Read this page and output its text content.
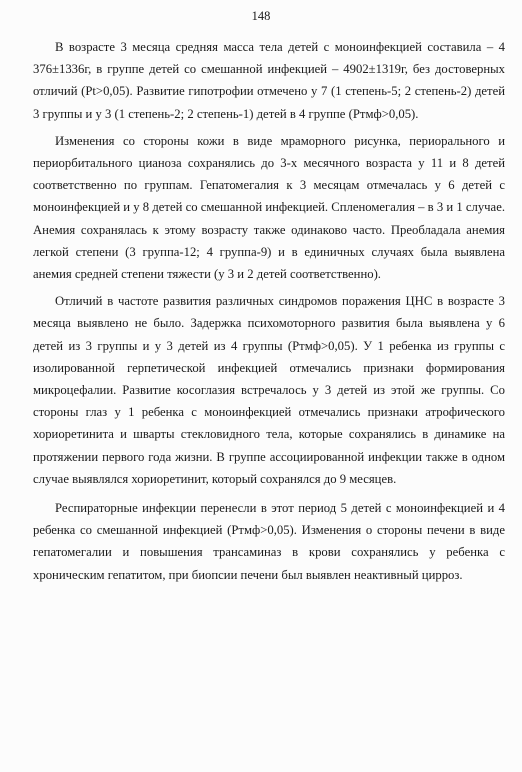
148

В возрасте 3 месяца средняя масса тела детей с моноинфекцией составила – 4 376±1336г, в группе детей со смешанной инфекцией – 4902±1319г, без достоверных отличий (Pt>0,05). Развитие гипотрофии отмечено у 7 (1 степень-5; 2 степень-2) детей 3 группы и у 3 (1 степень-2; 2 степень-1) детей в 4 группе (Ртмф>0,05).

Изменения со стороны кожи в виде мраморного рисунка, периорального и периорбитального цианоза сохранялись до 3-х месячного возраста у 11 и 8 детей соответственно по группам. Гепатомегалия к 3 месяцам отмечалась у 6 детей с моноинфекцией и у 8 детей со смешанной инфекцией. Спленомегалия – в 3 и 1 случае. Анемия сохранялась к этому возрасту также одинаково часто. Преобладала анемия легкой степени (3 группа-12; 4 группа-9) и в единичных случаях была выявлена анемия средней степени тяжести (у 3 и 2 детей соответственно).

Отличий в частоте развития различных синдромов поражения ЦНС в возрасте 3 месяца выявлено не было. Задержка психомоторного развития была выявлена у 6 детей из 3 группы и у 3 детей из 4 группы (Ртмф>0,05). У 1 ребенка из группы с изолированной герпетической инфекцией отмечались признаки формирования микроцефалии. Развитие косоглазия встречалось у 3 детей из этой же группы. Со стороны глаз у 1 ребенка с моноинфекцией отмечались признаки атрофического хориоретинита и шварты стекловидного тела, которые сохранялись в динамике на протяжении первого года жизни. В группе ассоциированной инфекции также в одном случае выявлялся хориоретинит, который сохранялся до 9 месяцев.

Респираторные инфекции перенесли в этот период 5 детей с моноинфекцией и 4 ребенка со смешанной инфекцией (Ртмф>0,05). Изменения о стороны печени в виде гепатомегалии и повышения трансаминаз в крови сохранялись у ребенка с хроническим гепатитом, при биопсии печени был выявлен неактивный цирроз.
